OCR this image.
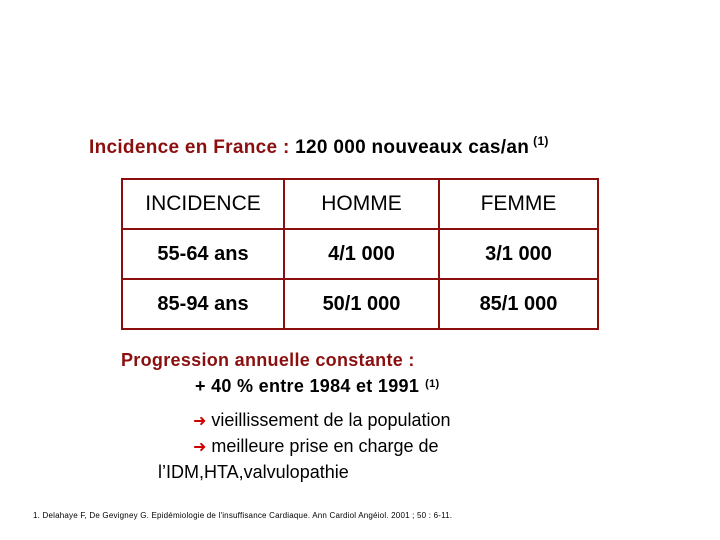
Incidence en France : 120 000 nouveaux cas/an $^{(1)}$
INCIDENCE	HOMME	FEMME
55-64 ans	4/1 000	3/1 000
85-94 ans	50/1 000	85/1 000
Progression annuelle constante :
+ 40 % entre 1984 et 1991 $^{(1)}$
➜ vieillissement de la population
➜ meilleure prise en charge de
l’IDM,HTA,valvulopathie
1. Delahaye F, De Gevigney G. Epidémiologie de l'insuffisance Cardiaque. Ann Cardiol Angéiol. 2001 ; 50 : 6-11.
